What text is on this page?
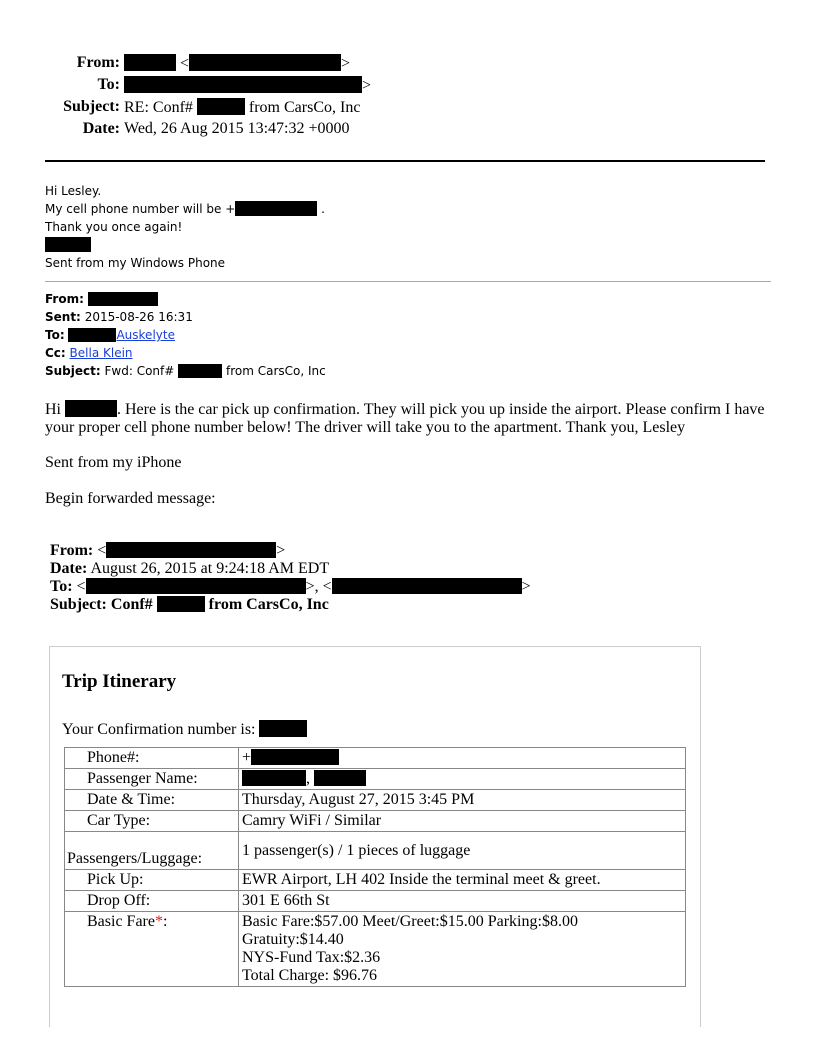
From:	<	>
To:	>
Subject: RE: Conf#	from CarsCo, Inc
Date: Wed, 26 Aug 2015 13:47:32 +0000
Hi Lesley.
My cell phone number will be +	.
Thank you once again!
Sent from my Windows Phone
From:
Sent: 2015-08-26 16:31
To:	Auskelyte
Cc: Bella Klein
Subject: Fwd: Conf#	from CarsCo, Inc
Hi	. Here is the car pick up confirmation. They will pick you up inside the airport. Please confirm I have your proper cell phone number below! The driver will take you to the apartment. Thank you, Lesley
Sent from my iPhone
Begin forwarded message:
From: <	>
Date: August 26, 2015 at 9:24:18 AM EDT
To: <	>, <	>
Subject: Conf#	from CarsCo, Inc
Trip Itinerary
Your Confirmation number is:
Phone#:	+
Passenger Name:	,
Date & Time:	Thursday, August 27, 2015 3:45 PM
Car Type:	Camry WiFi / Similar
Passengers/Luggage:	1 passenger(s) / 1 pieces of luggage
Pick Up:	EWR Airport, LH 402 Inside the terminal meet & greet.
Drop Off:	301 E 66th St
Basic Fare*:	Basic Fare:$57.00 Meet/Greet:$15.00 Parking:$8.00 Gratuity:$14.40
NYS-Fund Tax:$2.36
Total Charge: $96.76
